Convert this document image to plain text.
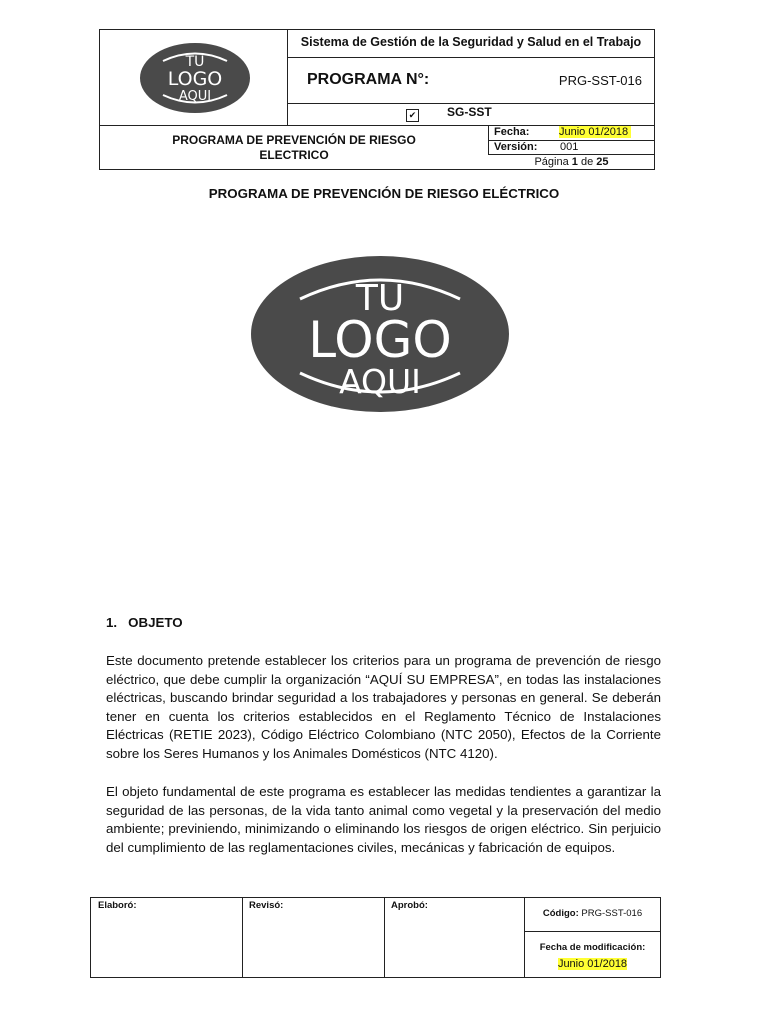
TU
LOGO
AQUI
Sistema de Gestión de la Seguridad y Salud en el Trabajo
PROGRAMA N°:	PRG-SST-016
✔	SG-SST
PROGRAMA DE PREVENCIÓN DE RIESGO
ELECTRICO
Fecha:	Junio 01/2018
Versión: 001
Página 1 de 25
PROGRAMA DE PREVENCIÓN DE RIESGO ELÉCTRICO
TU
LOGO
AQUI
1.   OBJETO

Este documento pretende establecer los criterios para un programa de prevención de riesgo eléctrico, que debe cumplir la organización “AQUÍ SU EMPRESA”, en todas las instalaciones eléctricas, buscando brindar seguridad a los trabajadores y personas en general. Se deberán tener en cuenta los criterios establecidos en el Reglamento Técnico de Instalaciones Eléctricas (RETIE 2023), Código Eléctrico Colombiano (NTC 2050), Efectos de la Corriente sobre los Seres Humanos y los Animales Domésticos (NTC 4120).

El objeto fundamental de este programa es establecer las medidas tendientes a garantizar la seguridad de las personas, de la vida tanto animal como vegetal y la preservación del medio ambiente; previniendo, minimizando o eliminando los riesgos de origen eléctrico. Sin perjuicio del cumplimiento de las reglamentaciones civiles, mecánicas y fabricación de equipos.

Elaboró:	Revisó:	Aprobó:
Código: PRG-SST-016
Fecha de modificación:
Junio 01/2018
